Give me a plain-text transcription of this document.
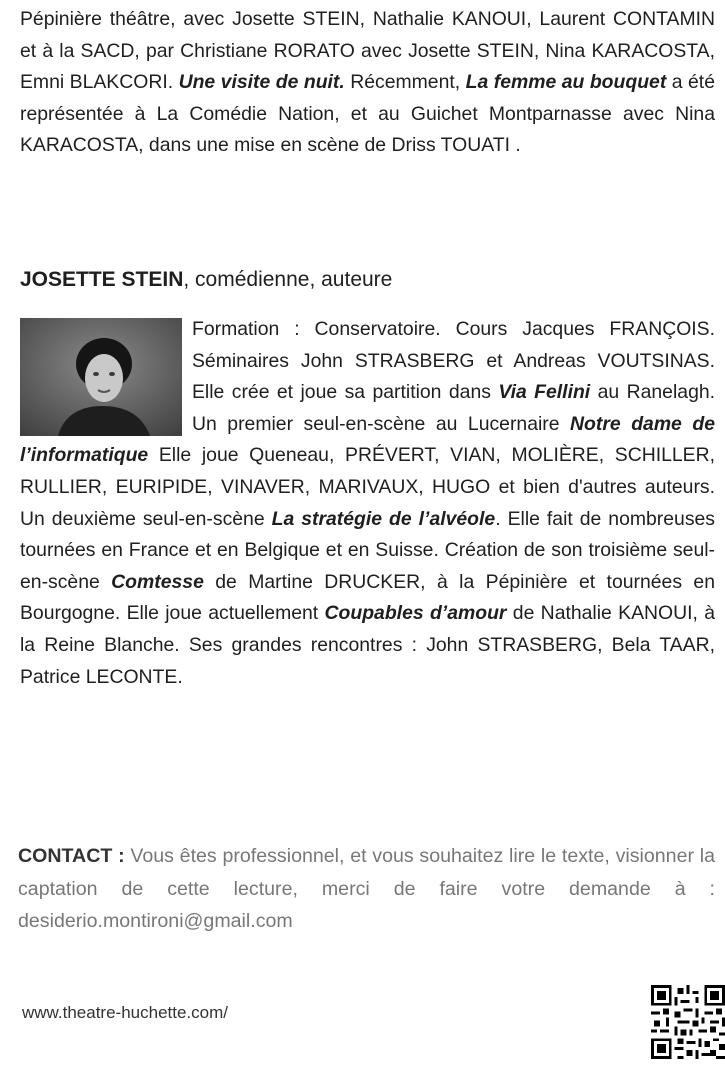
Pépinière théâtre, avec Josette STEIN, Nathalie KANOUI, Laurent CONTAMIN et à la SACD, par Christiane RORATO avec Josette STEIN, Nina KARACOSTA, Emni BLAKCORI. Une visite de nuit. Récemment, La femme au bouquet a été représentée à La Comédie Nation, et au Guichet Montparnasse avec Nina KARACOSTA, dans une mise en scène de Driss TOUATI .
JOSETTE STEIN, comédienne, auteure
Formation : Conservatoire. Cours Jacques FRANÇOIS. Séminaires John STRASBERG et Andreas VOUTSINAS. Elle crée et joue sa partition dans Via Fellini au Ranelagh. Un premier seul-en-scène au Lucernaire Notre dame de l’informatique Elle joue Queneau, PRÉVERT, VIAN, MOLIÈRE, SCHILLER, RULLIER, EURIPIDE, VINAVER, MARIVAUX, HUGO et bien d'autres auteurs. Un deuxième seul-en-scène La stratégie de l’alvéole. Elle fait de nombreuses tournées en France et en Belgique et en Suisse. Création de son troisième seul-en-scène Comtesse de Martine DRUCKER, à la Pépinière et tournées en Bourgogne. Elle joue actuellement Coupables d’amour de Nathalie KANOUI, à la Reine Blanche. Ses grandes rencontres : John STRASBERG, Bela TAAR, Patrice LECONTE.
CONTACT : Vous êtes professionnel, et vous souhaitez lire le texte, visionner la captation de cette lecture, merci de faire votre demande à : desiderio.montironi@gmail.com
www.theatre-huchette.com/
